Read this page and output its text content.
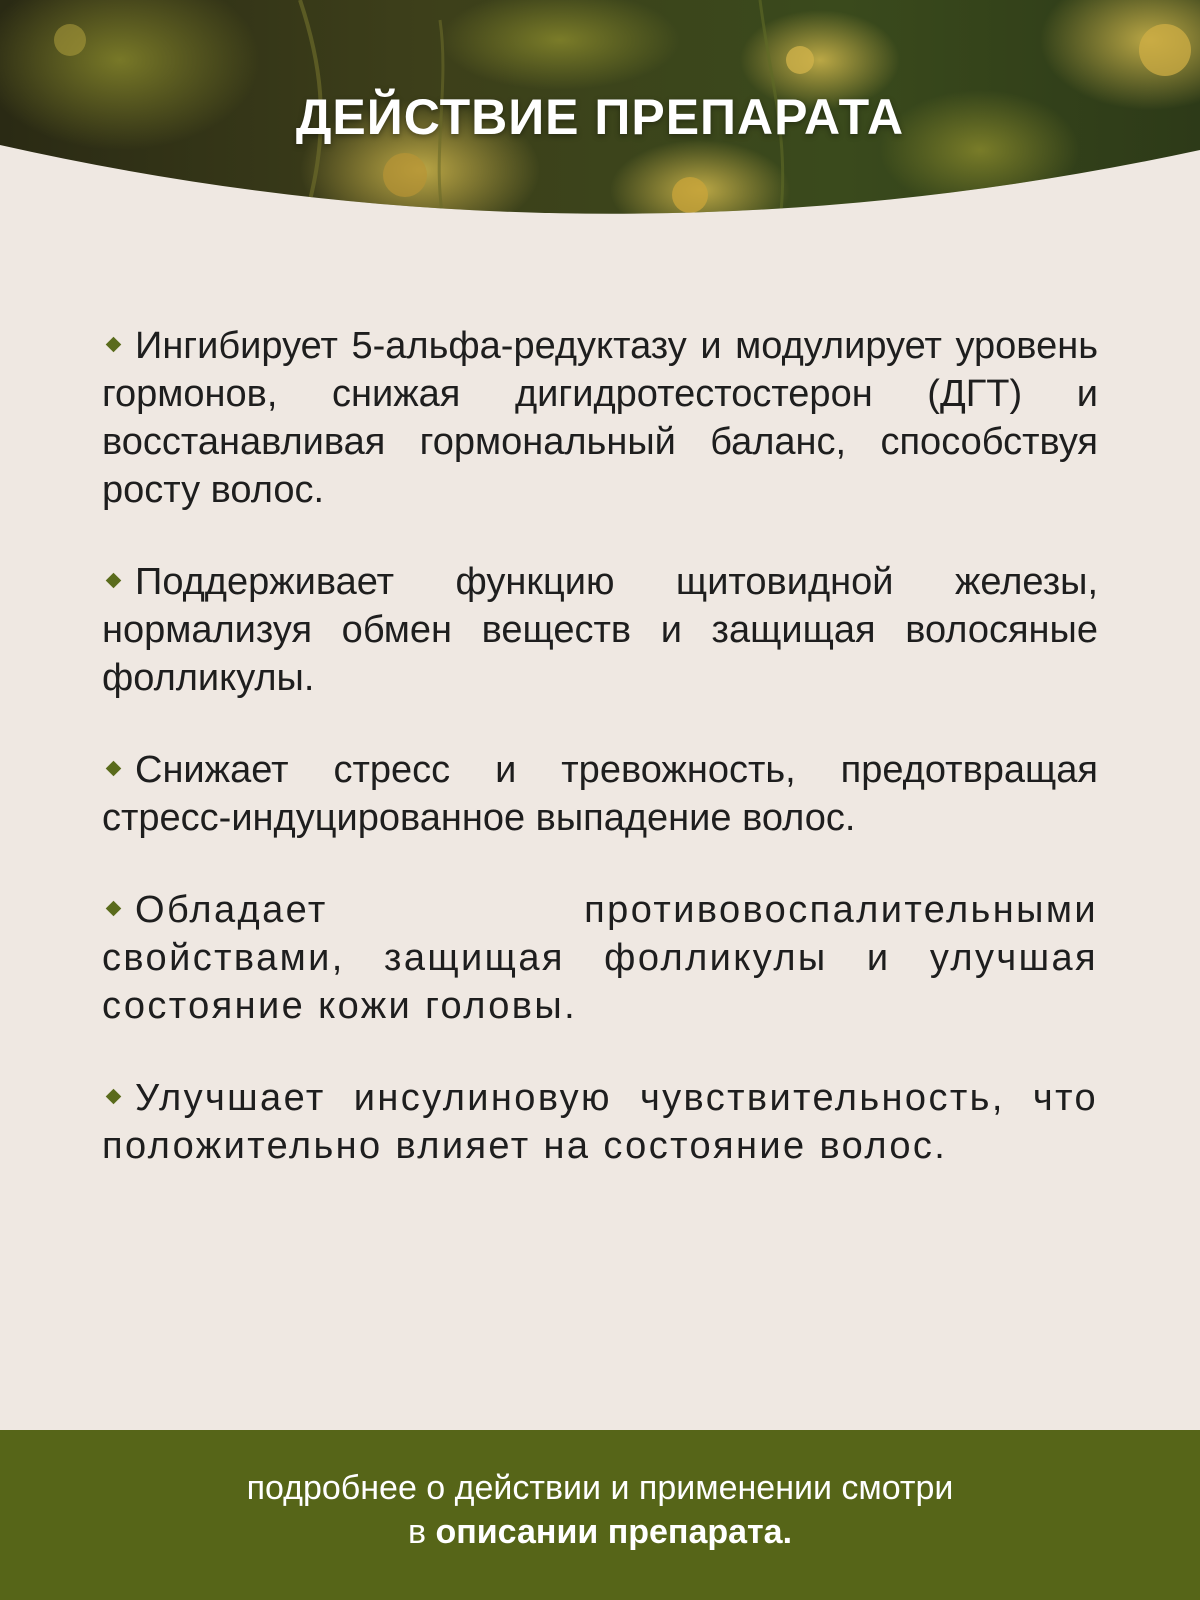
ДЕЙСТВИЕ ПРЕПАРАТА

Ингибирует 5-альфа-редуктазу и модулирует уровень гормонов, снижая дигидротестостерон (ДГТ) и восстанавливая гормональный баланс, способствуя росту волос.

Поддерживает функцию щитовидной железы, нормализуя обмен веществ и защищая волосяные фолликулы.

Снижает стресс и тревожность, предотвращая стресс-индуцированное выпадение волос.

Обладает противовоспалительными свойствами, защищая фолликулы и улучшая состояние кожи головы.

Улучшает инсулиновую чувствительность, что положительно влияет на состояние волос.

подробнее о действии и применении смотри
в описании препарата.
